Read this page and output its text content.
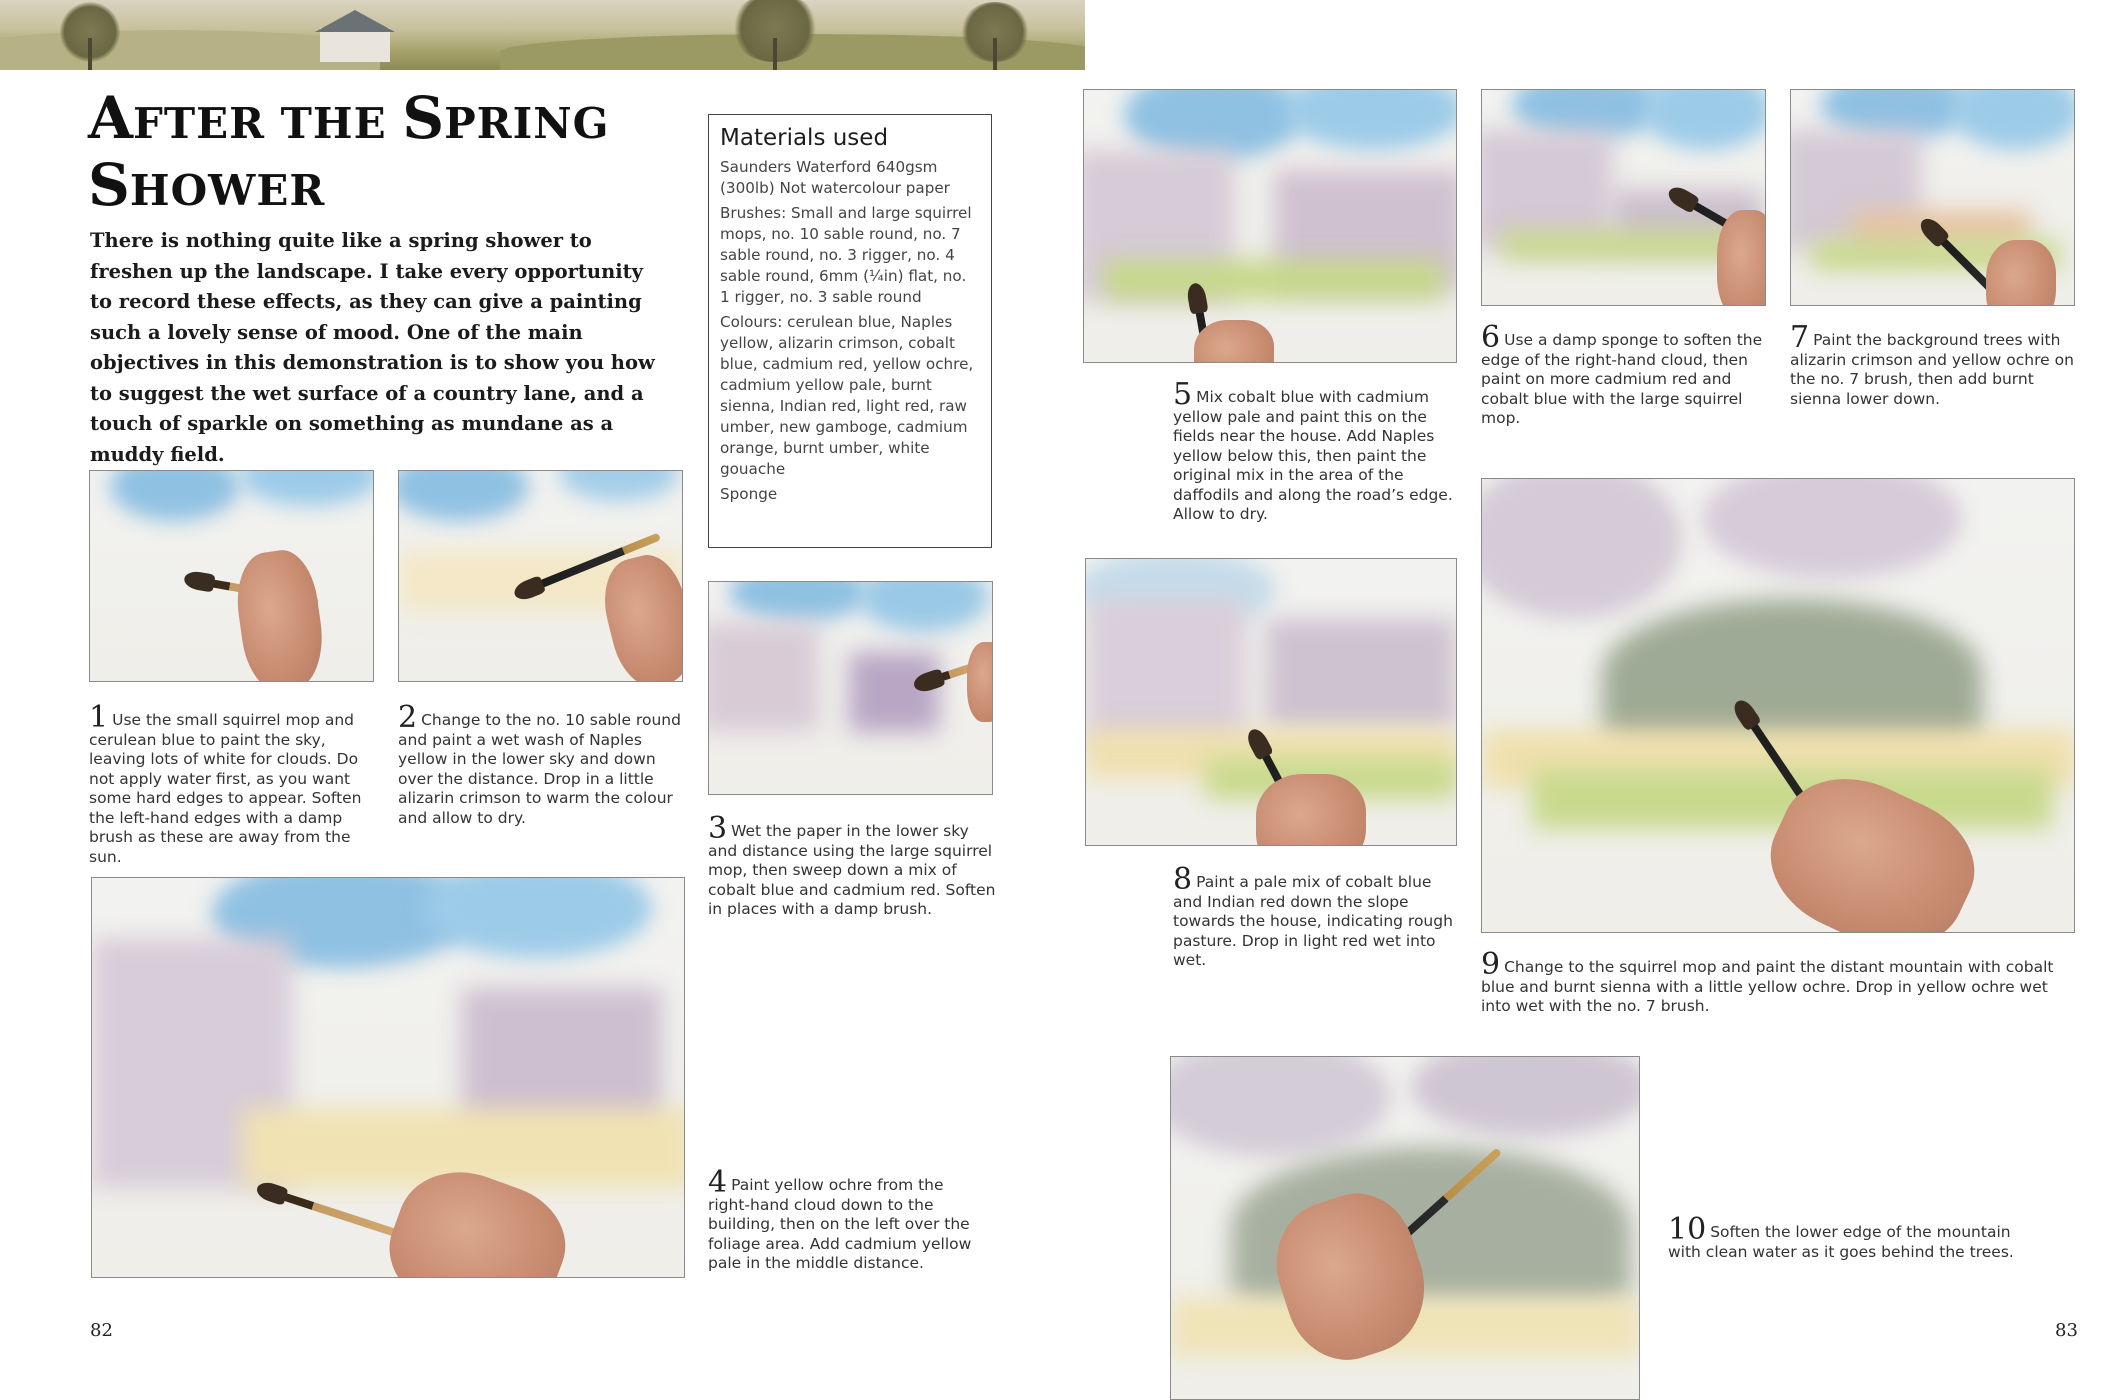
AFTER THE SPRING
SHOWER
There is nothing quite like a spring shower to freshen up the landscape. I take every opportunity to record these effects, as they can give a painting such a lovely sense of mood. One of the main objectives in this demonstration is to show you how to suggest the wet surface of a country lane, and a touch of sparkle on something as mundane as a muddy field.
Materials used

Saunders Waterford 640gsm (300lb) Not watercolour paper

Brushes: Small and large squirrel mops, no. 10 sable round, no. 7 sable round, no. 3 rigger, no. 4 sable round, 6mm (¼in) flat, no. 1 rigger, no. 3 sable round

Colours: cerulean blue, Naples yellow, alizarin crimson, cobalt blue, cadmium red, yellow ochre, cadmium yellow pale, burnt sienna, Indian red, light red, raw umber, new gamboge, cadmium orange, burnt umber, white gouache

Sponge

1 Use the small squirrel mop and cerulean blue to paint the sky, leaving lots of white for clouds. Do not apply water first, as you want some hard edges to appear. Soften the left-hand edges with a damp brush as these are away from the sun.
2 Change to the no. 10 sable round and paint a wet wash of Naples yellow in the lower sky and down over the distance. Drop in a little alizarin crimson to warm the colour and allow to dry.	3 Wet the paper in the lower sky and distance using the large squirrel mop, then sweep down a mix of cobalt blue and cadmium red. Soften in places with a damp brush.
4 Paint yellow ochre from the right-hand cloud down to the building, then on the left over the foliage area. Add cadmium yellow pale in the middle distance.
5 Mix cobalt blue with cadmium yellow pale and paint this on the fields near the house. Add Naples yellow below this, then paint the original mix in the area of the daffodils and along the road’s edge. Allow to dry.
6 Use a damp sponge to soften the edge of the right-hand cloud, then paint on more cadmium red and cobalt blue with the large squirrel mop.
7 Paint the background trees with alizarin crimson and yellow ochre on the no. 7 brush, then add burnt sienna lower down.
8 Paint a pale mix of cobalt blue and Indian red down the slope towards the house, indicating rough pasture. Drop in light red wet into wet.	9 Change to the squirrel mop and paint the distant mountain with cobalt blue and burnt sienna with a little yellow ochre. Drop in yellow ochre wet into wet with the no. 7 brush.
10 Soften the lower edge of the mountain with clean water as it goes behind the trees.
82	83
